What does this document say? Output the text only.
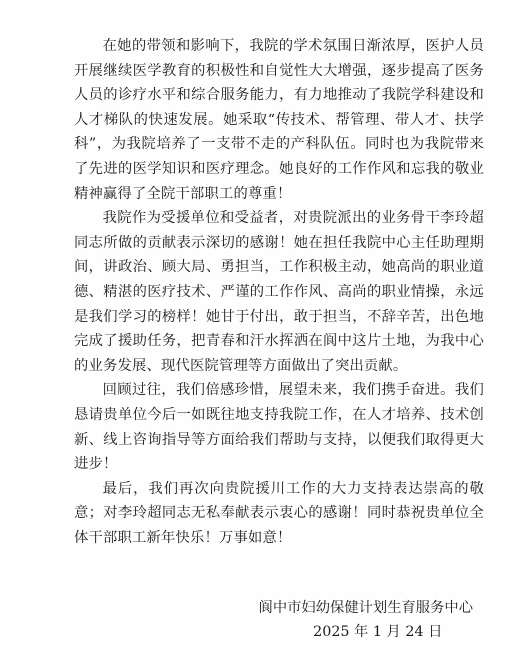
在她的带领和影响下，我院的学术氛围日渐浓厚，医护人员开展继续医学教育的积极性和自觉性大大增强，逐步提高了医务人员的诊疗水平和综合服务能力，有力地推动了我院学科建设和人才梯队的快速发展。她采取“传技术、帮管理、带人才、扶学科”，为我院培养了一支带不走的产科队伍。同时也为我院带来了先进的医学知识和医疗理念。她良好的工作作风和忘我的敬业精神赢得了全院干部职工的尊重！

我院作为受援单位和受益者，对贵院派出的业务骨干李玲超同志所做的贡献表示深切的感谢！她在担任我院中心主任助理期间，讲政治、顾大局、勇担当，工作积极主动，她高尚的职业道德、精湛的医疗技术、严谨的工作作风、高尚的职业情操，永远是我们学习的榜样！她甘于付出，敢于担当，不辞辛苦，出色地完成了援助任务，把青春和汗水挥洒在阆中这片土地，为我中心的业务发展、现代医院管理等方面做出了突出贡献。

回顾过往，我们倍感珍惜，展望未来，我们携手奋进。我们恳请贵单位今后一如既往地支持我院工作，在人才培养、技术创新、线上咨询指导等方面给我们帮助与支持，以便我们取得更大进步！

最后，我们再次向贵院援川工作的大力支持表达崇高的敬意；对李玲超同志无私奉献表示衷心的感谢！同时恭祝贵单位全体干部职工新年快乐！万事如意！

阆中市妇幼保健计划生育服务中心
2025 年 1 月 24 日
